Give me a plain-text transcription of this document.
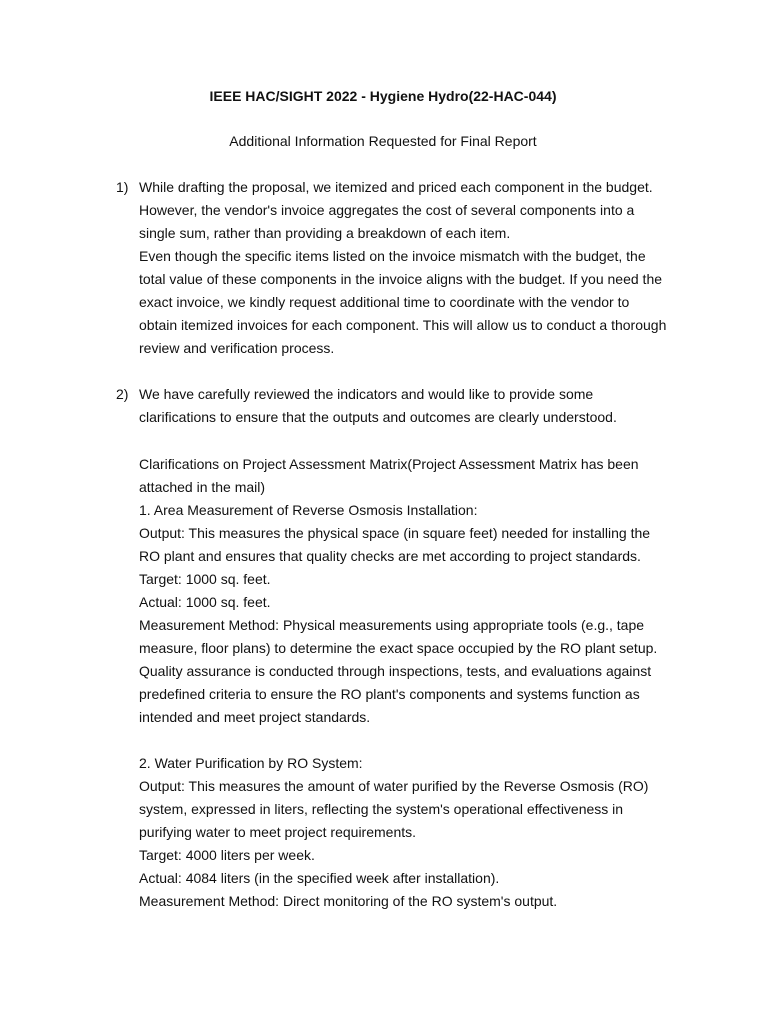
IEEE HAC/SIGHT 2022 - Hygiene Hydro(22-HAC-044)
Additional Information Requested for Final Report
1) While drafting the proposal, we itemized and priced each component in the budget.

However, the vendor's invoice aggregates the cost of several components into a

single sum, rather than providing a breakdown of each item.

Even though the specific items listed on the invoice mismatch with the budget, the

total value of these components in the invoice aligns with the budget. If you need the

exact invoice, we kindly request additional time to coordinate with the vendor to

obtain itemized invoices for each component. This will allow us to conduct a thorough

review and verification process.

2) We have carefully reviewed the indicators and would like to provide some

clarifications to ensure that the outputs and outcomes are clearly understood.

Clarifications on Project Assessment Matrix(Project Assessment Matrix has been

attached in the mail)

1. Area Measurement of Reverse Osmosis Installation:

Output: This measures the physical space (in square feet) needed for installing the

RO plant and ensures that quality checks are met according to project standards.

Target: 1000 sq. feet.

Actual: 1000 sq. feet.

Measurement Method: Physical measurements using appropriate tools (e.g., tape

measure, floor plans) to determine the exact space occupied by the RO plant setup.

Quality assurance is conducted through inspections, tests, and evaluations against

predefined criteria to ensure the RO plant's components and systems function as

intended and meet project standards.

2. Water Purification by RO System:

Output: This measures the amount of water purified by the Reverse Osmosis (RO)

system, expressed in liters, reflecting the system's operational effectiveness in

purifying water to meet project requirements.

Target: 4000 liters per week.

Actual: 4084 liters (in the specified week after installation).

Measurement Method: Direct monitoring of the RO system's output.
